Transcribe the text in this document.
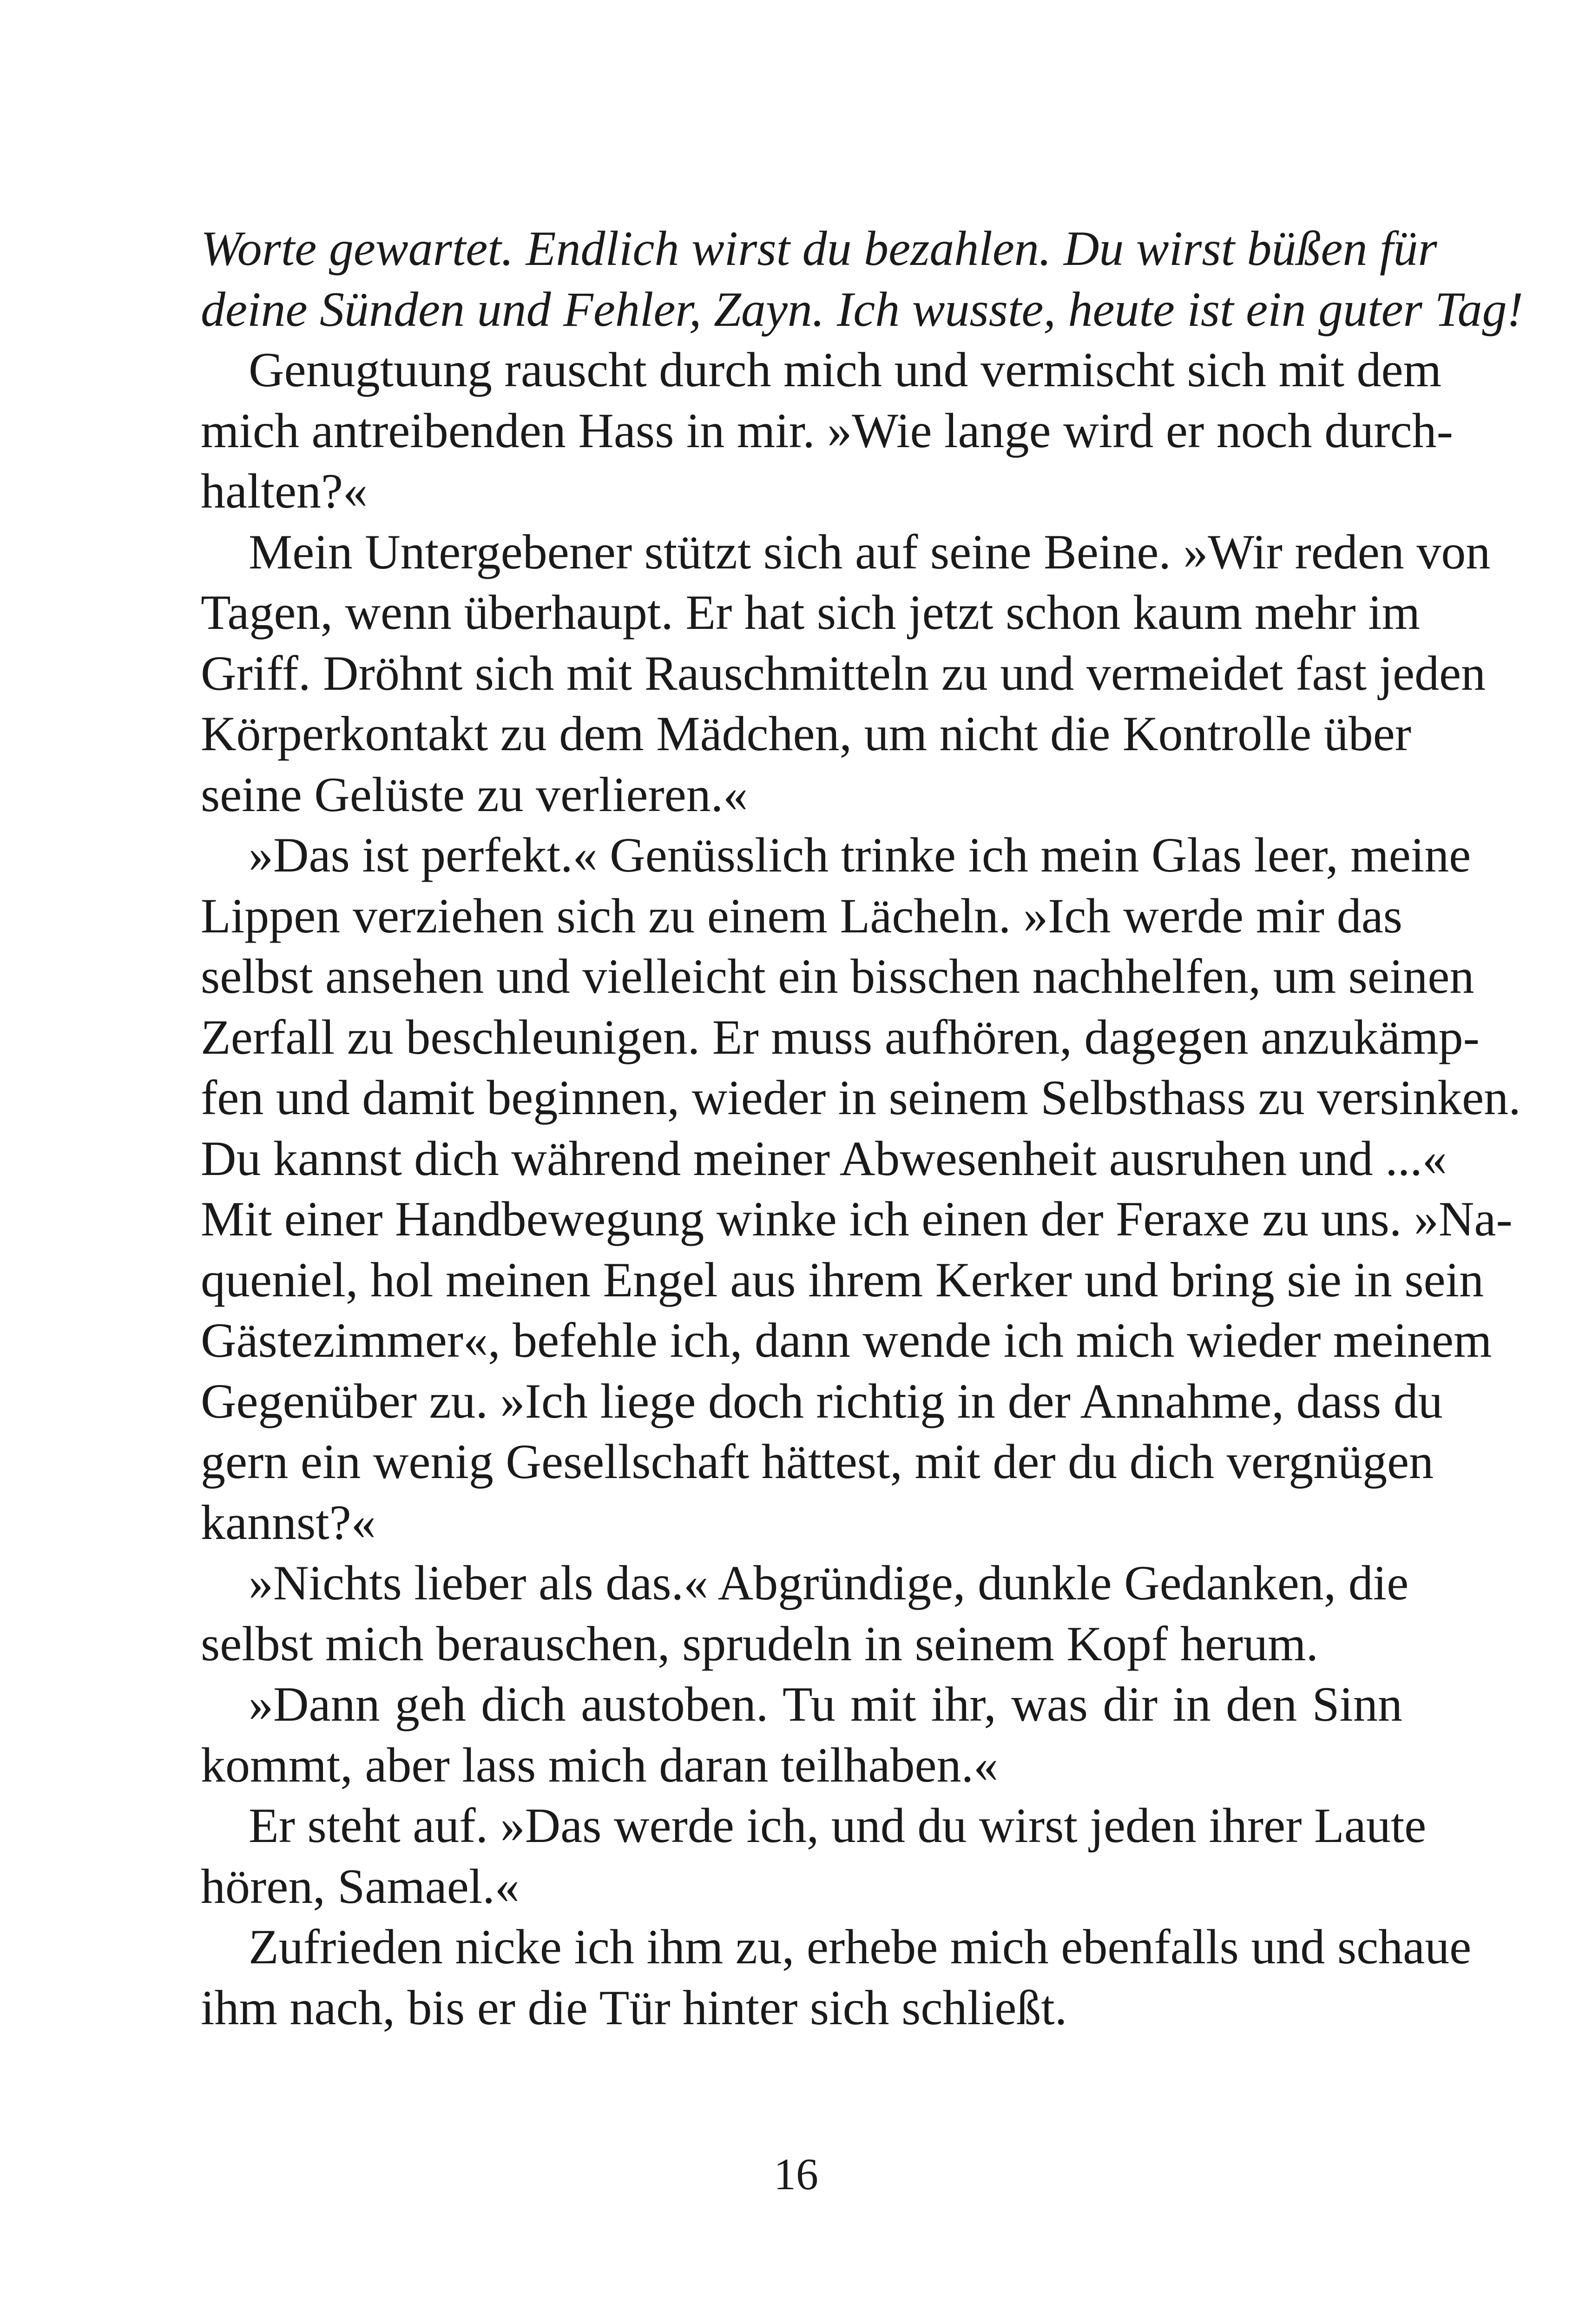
Worte gewartet. Endlich wirst du bezahlen. Du wirst büßen für
deine Sünden und Fehler, Zayn. Ich wusste, heute ist ein guter Tag!
Genugtuung rauscht durch mich und vermischt sich mit dem
mich antreibenden Hass in mir. »Wie lange wird er noch durch-
halten?«
Mein Untergebener stützt sich auf seine Beine. »Wir reden von
Tagen, wenn überhaupt. Er hat sich jetzt schon kaum mehr im
Griff. Dröhnt sich mit Rauschmitteln zu und vermeidet fast jeden
Körperkontakt zu dem Mädchen, um nicht die Kontrolle über
seine Gelüste zu verlieren.«
»Das ist perfekt.« Genüsslich trinke ich mein Glas leer, meine
Lippen verziehen sich zu einem Lächeln. »Ich werde mir das
selbst ansehen und vielleicht ein bisschen nachhelfen, um seinen
Zerfall zu beschleunigen. Er muss aufhören, dagegen anzukämp-
fen und damit beginnen, wieder in seinem Selbsthass zu versinken.
Du kannst dich während meiner Abwesenheit ausruhen und ...«
Mit einer Handbewegung winke ich einen der Feraxe zu uns. »Na-
queniel, hol meinen Engel aus ihrem Kerker und bring sie in sein
Gästezimmer«, befehle ich, dann wende ich mich wieder meinem
Gegenüber zu. »Ich liege doch richtig in der Annahme, dass du
gern ein wenig Gesellschaft hättest, mit der du dich vergnügen
kannst?«
»Nichts lieber als das.« Abgründige, dunkle Gedanken, die
selbst mich berauschen, sprudeln in seinem Kopf herum.
»Dann geh dich austoben. Tu mit ihr, was dir in den Sinn
kommt, aber lass mich daran teilhaben.«
Er steht auf. »Das werde ich, und du wirst jeden ihrer Laute
hören, Samael.«
Zufrieden nicke ich ihm zu, erhebe mich ebenfalls und schaue
ihm nach, bis er die Tür hinter sich schließt.
16
